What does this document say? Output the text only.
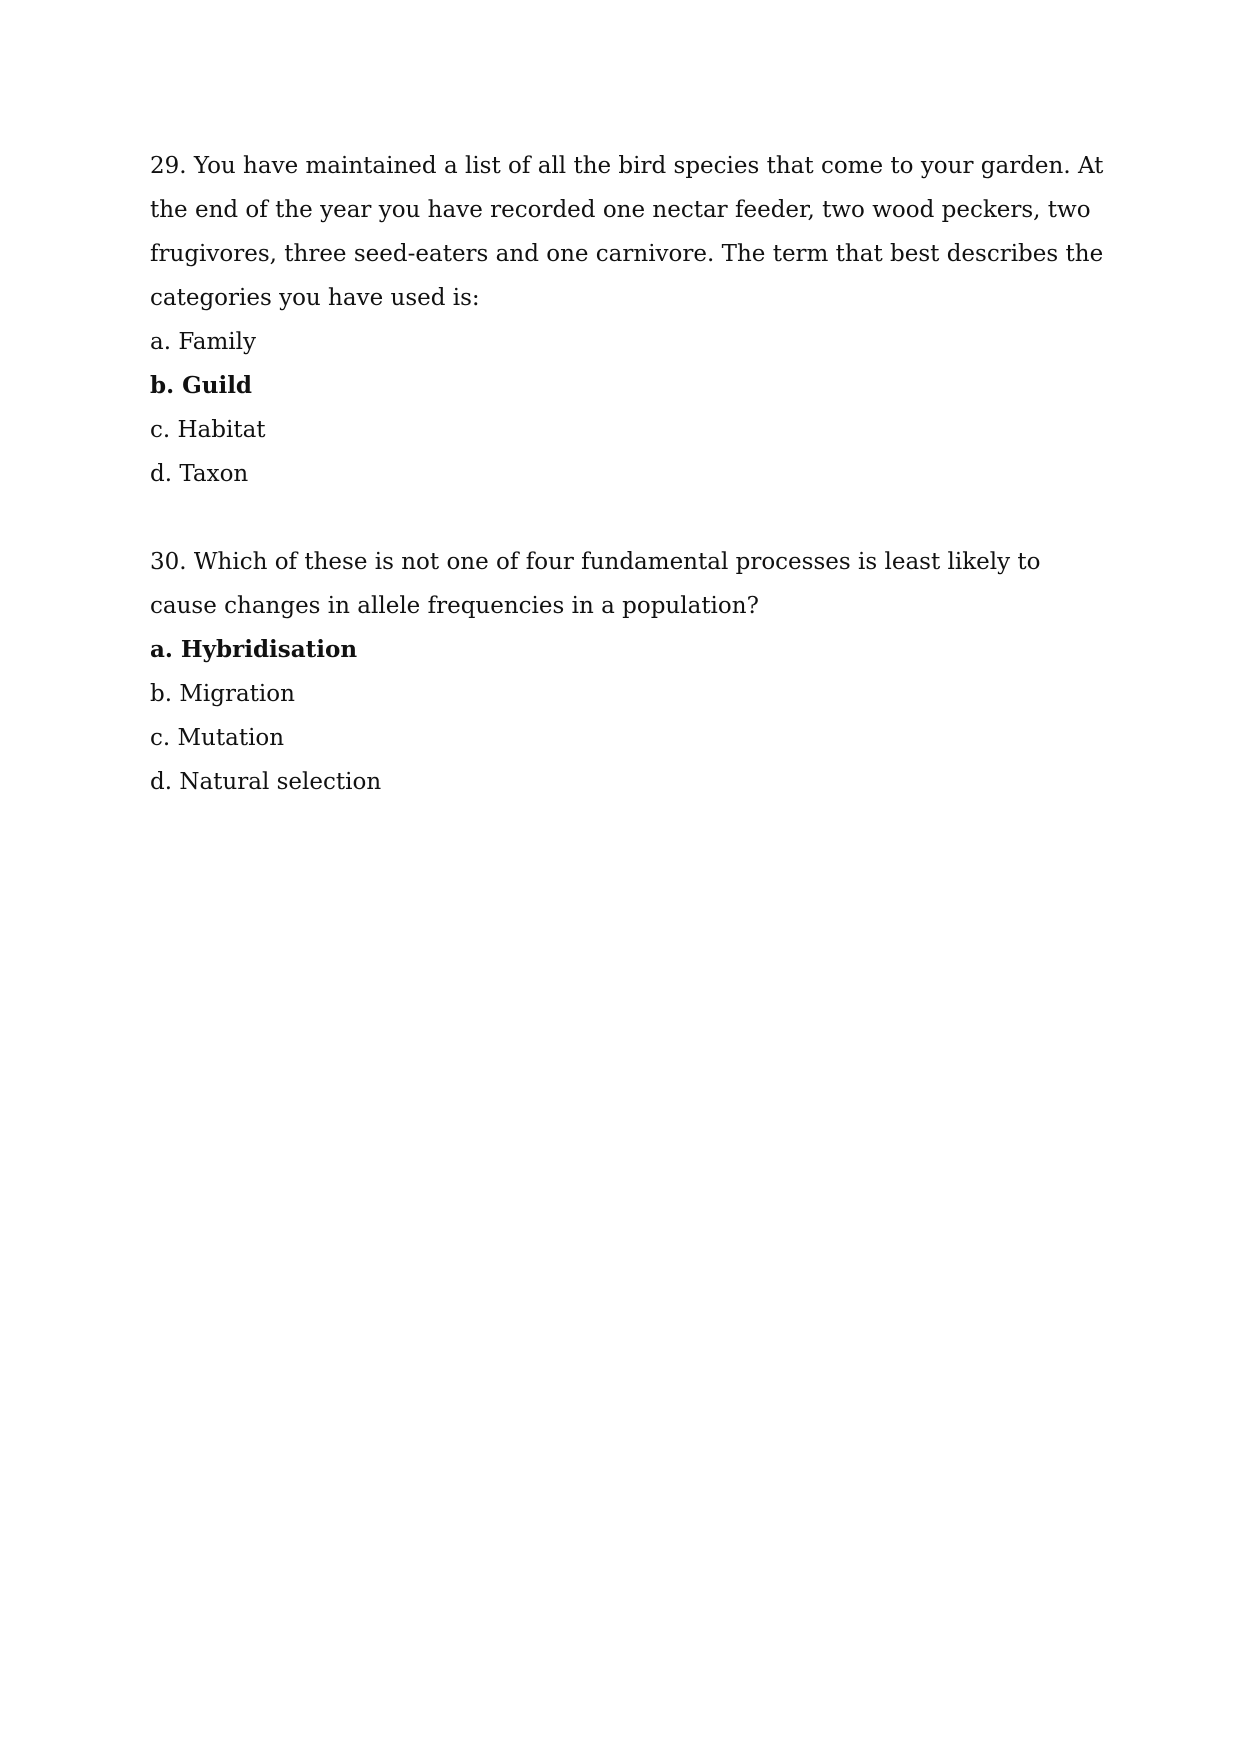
29. You have maintained a list of all the bird species that come to your garden. At the end of the year you have recorded one nectar feeder, two wood peckers, two frugivores, three seed-eaters and one carnivore. The term that best describes the categories you have used is:

a. Family

b. Guild

c. Habitat

d. Taxon

30. Which of these is not one of four fundamental processes is least likely to cause changes in allele frequencies in a population?

a. Hybridisation

b. Migration

c. Mutation

d. Natural selection
